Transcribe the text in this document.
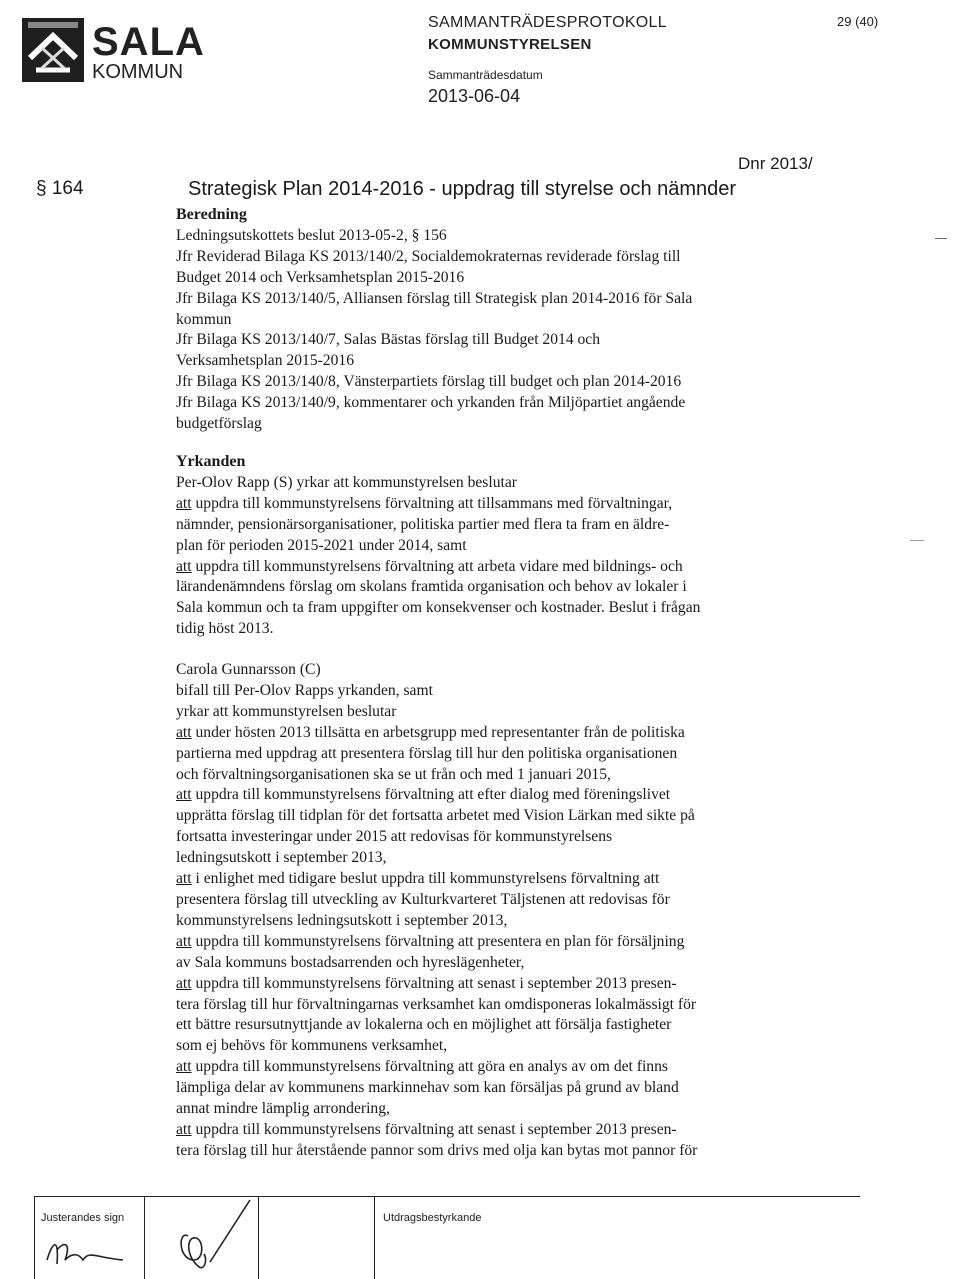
SALA
KOMMUN
SAMMANTRÄDESPROTOKOLL
KOMMUNSTYRELSEN
Sammanträdesdatum
2013-06-04
29 (40)
Dnr 2013/
§ 164	Strategisk Plan 2014-2016 - uppdrag till styrelse och nämnder
Beredning
Ledningsutskottets beslut 2013-05-2, § 156
Jfr Reviderad Bilaga KS 2013/140/2, Socialdemokraternas reviderade förslag till
Budget 2014 och Verksamhetsplan 2015-2016
Jfr Bilaga KS 2013/140/5, Alliansen förslag till Strategisk plan 2014-2016 för Sala
kommun
Jfr Bilaga KS 2013/140/7, Salas Bästas förslag till Budget 2014 och
Verksamhetsplan 2015-2016
Jfr Bilaga KS 2013/140/8, Vänsterpartiets förslag till budget och plan 2014-2016
Jfr Bilaga KS 2013/140/9, kommentarer och yrkanden från Miljöpartiet angående
budgetförslag
Yrkanden
Per-Olov Rapp (S) yrkar att kommunstyrelsen beslutar
att uppdra till kommunstyrelsens förvaltning att tillsammans med förvaltningar,
nämnder, pensionärsorganisationer, politiska partier med flera ta fram en äldre-
plan för perioden 2015-2021 under 2014, samt
att uppdra till kommunstyrelsens förvaltning att arbeta vidare med bildnings- och
lärandenämndens förslag om skolans framtida organisation och behov av lokaler i
Sala kommun och ta fram uppgifter om konsekvenser och kostnader. Beslut i frågan
tidig höst 2013.
Carola Gunnarsson (C)
bifall till Per-Olov Rapps yrkanden, samt
yrkar att kommunstyrelsen beslutar
att under hösten 2013 tillsätta en arbetsgrupp med representanter från de politiska
partierna med uppdrag att presentera förslag till hur den politiska organisationen
och förvaltningsorganisationen ska se ut från och med 1 januari 2015,
att uppdra till kommunstyrelsens förvaltning att efter dialog med föreningslivet
upprätta förslag till tidplan för det fortsatta arbetet med Vision Lärkan med sikte på
fortsatta investeringar under 2015 att redovisas för kommunstyrelsens
ledningsutskott i september 2013,
att i enlighet med tidigare beslut uppdra till kommunstyrelsens förvaltning att
presentera förslag till utveckling av Kulturkvarteret Täljstenen att redovisas för
kommunstyrelsens ledningsutskott i september 2013,
att uppdra till kommunstyrelsens förvaltning att presentera en plan för försäljning
av Sala kommuns bostadsarrenden och hyreslägenheter,
att uppdra till kommunstyrelsens förvaltning att senast i september 2013 presen-
tera förslag till hur förvaltningarnas verksamhet kan omdisponeras lokalmässigt för
ett bättre resursutnyttjande av lokalerna och en möjlighet att försälja fastigheter
som ej behövs för kommunens verksamhet,
att uppdra till kommunstyrelsens förvaltning att göra en analys av om det finns
lämpliga delar av kommunens markinnehav som kan försäljas på grund av bland
annat mindre lämplig arrondering,
att uppdra till kommunstyrelsens förvaltning att senast i september 2013 presen-
tera förslag till hur återstående pannor som drivs med olja kan bytas mot pannor för
Justerandes sign	Utdragsbestyrkande
